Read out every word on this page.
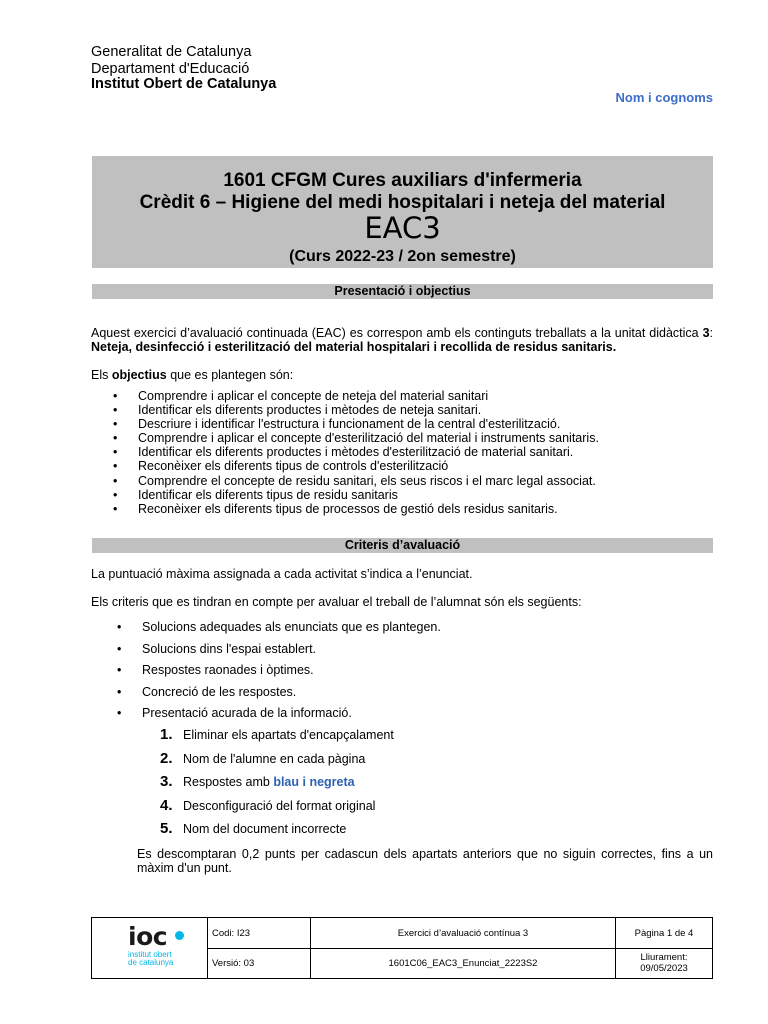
Generalitat de Catalunya
Departament d'Educació
Institut Obert de Catalunya
Nom i cognoms
1601 CFGM Cures auxiliars d'infermeria
Crèdit 6 – Higiene del medi hospitalari i neteja del material
EAC3
(Curs 2022-23 / 2on semestre)
Presentació i objectius
Aquest exercici d’avaluació continuada (EAC) es correspon amb els continguts treballats a la unitat didàctica 3: Neteja, desinfecció i esterilització del material hospitalari i recollida de residus sanitaris.
Els objectius que es plantegen són:
• Comprendre i aplicar el concepte de neteja del material sanitari
• Identificar els diferents productes i mètodes de neteja sanitari.
• Descriure i identificar l'estructura i funcionament de la central d'esterilització.
• Comprendre i aplicar el concepte d'esterilització del material i instruments sanitaris.
• Identificar els diferents productes i mètodes d'esterilització de material sanitari.
• Reconèixer els diferents tipus de controls d'esterilització
• Comprendre el concepte de residu sanitari, els seus riscos i el marc legal associat.
• Identificar els diferents tipus de residu sanitaris
• Reconèixer els diferents tipus de processos de gestió dels residus sanitaris.
Criteris d’avaluació
La puntuació màxima assignada a cada activitat s’indica a l’enunciat.
Els criteris que es tindran en compte per avaluar el treball de l’alumnat són els següents:
• Solucions adequades als enunciats que es plantegen.
• Solucions dins l'espai establert.
• Respostes raonades i òptimes.
• Concreció de les respostes.
• Presentació acurada de la informació.
1. Eliminar els apartats d'encapçalament
2. Nom de l'alumne en cada pàgina
3. Respostes amb blau i negreta
4. Desconfiguració del format original
5. Nom del document incorrecte
Es descomptaran 0,2 punts per cadascun dels apartats anteriors que no siguin correctes, fins a un màxim d'un punt.
ioc
institut obert
de catalunya
Codi: I23
Versió: 03
Exercici d’avaluació contínua 3
1601C06_EAC3_Enunciat_2223S2
Pàgina 1 de 4
Lliurament:
09/05/2023
